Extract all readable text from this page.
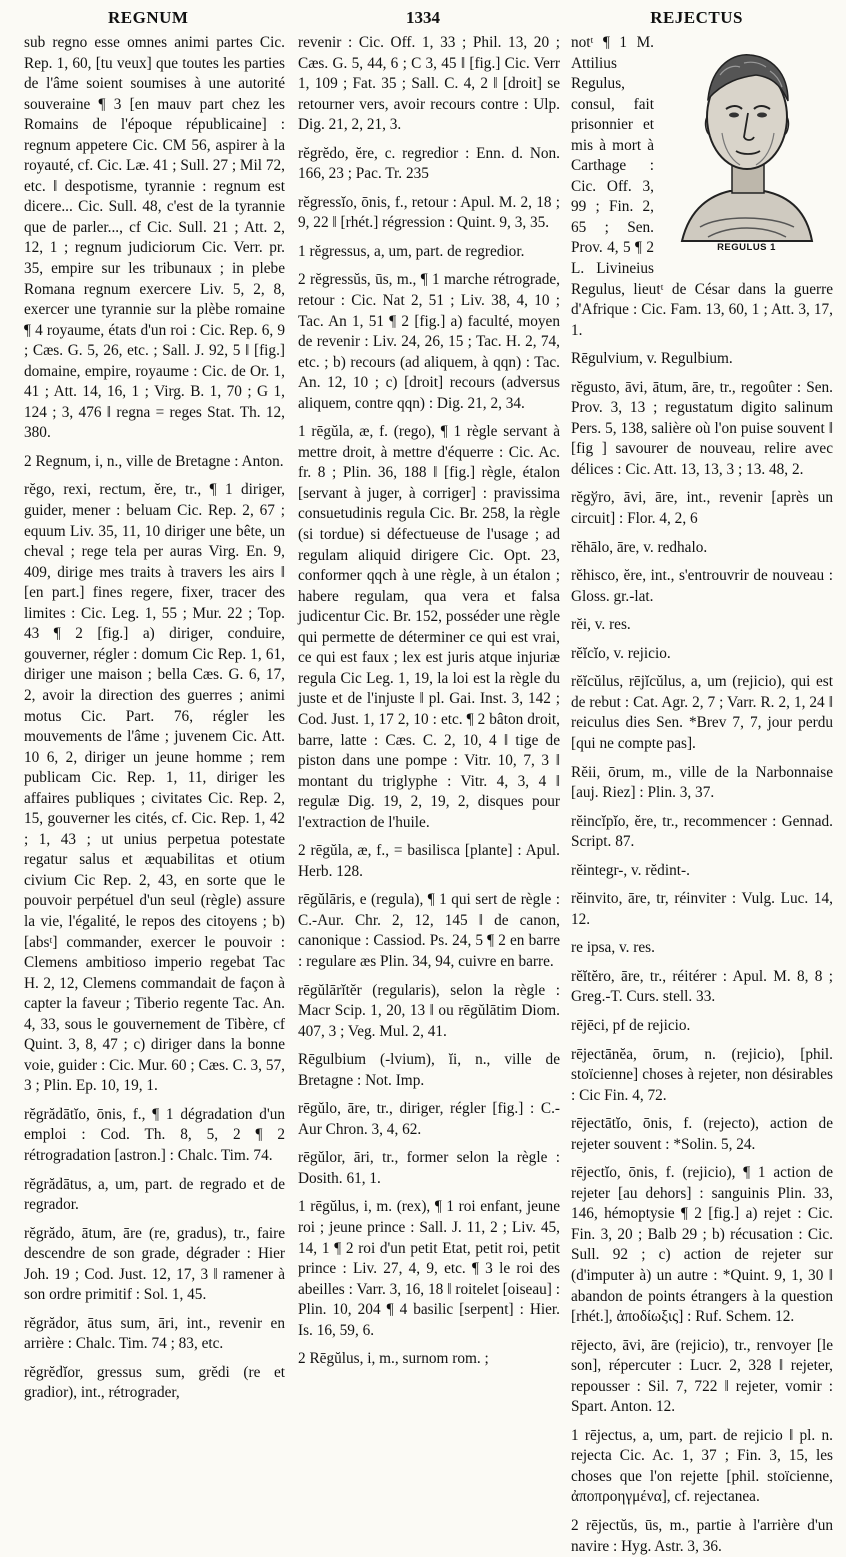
REGNUM	1334	REJECTUS

sub regno esse omnes animi partes Cic. Rep. 1, 60, [tu veux] que toutes les parties de l'âme soient soumises à une autorité souveraine ¶ 3 [en mauv part chez les Romains de l'époque républicaine] : regnum appetere Cic. CM 56, aspirer à la royauté, cf. Cic. Læ. 41 ; Sull. 27 ; Mil 72, etc. ‖ despotisme, tyrannie : regnum est dicere... Cic. Sull. 48, c'est de la tyrannie que de parler..., cf Cic. Sull. 21 ; Att. 2, 12, 1 ; regnum judiciorum Cic. Verr. pr. 35, empire sur les tribunaux ; in plebe Romana regnum exercere Liv. 5, 2, 8, exercer une tyrannie sur la plèbe romaine ¶ 4 royaume, états d'un roi : Cic. Rep. 6, 9 ; Cæs. G. 5, 26, etc. ; Sall. J. 92, 5 ‖ [fig.] domaine, empire, royaume : Cic. de Or. 1, 41 ; Att. 14, 16, 1 ; Virg. B. 1, 70 ; G 1, 124 ; 3, 476 ‖ regna = reges Stat. Th. 12, 380.

2 Regnum, i, n., ville de Bretagne : Anton.

rĕgo, rexi, rectum, ĕre, tr., ¶ 1 diriger, guider, mener : beluam Cic. Rep. 2, 67 ; equum Liv. 35, 11, 10 diriger une bête, un cheval ; rege tela per auras Virg. En. 9, 409, dirige mes traits à travers les airs ‖ [en part.] fines regere, fixer, tracer des limites : Cic. Leg. 1, 55 ; Mur. 22 ; Top. 43 ¶ 2 [fig.] a) diriger, conduire, gouverner, régler : domum Cic Rep. 1, 61, diriger une maison ; bella Cæs. G. 6, 17, 2, avoir la direction des guerres ; animi motus Cic. Part. 76, régler les mouvements de l'âme ; juvenem Cic. Att. 10 6, 2, diriger un jeune homme ; rem publicam Cic. Rep. 1, 11, diriger les affaires publiques ; civitates Cic. Rep. 2, 15, gouverner les cités, cf. Cic. Rep. 1, 42 ; 1, 43 ; ut unius perpetua potestate regatur salus et æquabilitas et otium civium Cic Rep. 2, 43, en sorte que le pouvoir perpétuel d'un seul (règle) assure la vie, l'égalité, le repos des citoyens ; b) [absᵗ] commander, exercer le pouvoir : Clemens ambitioso imperio regebat Tac H. 2, 12, Clemens commandait de façon à capter la faveur ; Tiberio regente Tac. An. 4, 33, sous le gouvernement de Tibère, cf Quint. 3, 8, 47 ; c) diriger dans la bonne voie, guider : Cic. Mur. 60 ; Cæs. C. 3, 57, 3 ; Plin. Ep. 10, 19, 1.

rĕgrădātĭo, ōnis, f., ¶ 1 dégradation d'un emploi : Cod. Th. 8, 5, 2 ¶ 2 rétrogradation [astron.] : Chalc. Tim. 74.

rĕgrădātus, a, um, part. de regrado et de regrador.

rĕgrădo, ātum, āre (re, gradus), tr., faire descendre de son grade, dégrader : Hier Joh. 19 ; Cod. Just. 12, 17, 3 ‖ ramener à son ordre primitif : Sol. 1, 45.

rĕgrădor, ātus sum, āri, int., revenir en arrière : Chalc. Tim. 74 ; 83, etc.

rĕgrĕdĭor, gressus sum, grĕdi (re et gradior), int., rétrograder,

revenir : Cic. Off. 1, 33 ; Phil. 13, 20 ; Cæs. G. 5, 44, 6 ; C 3, 45 ‖ [fig.] Cic. Verr 1, 109 ; Fat. 35 ; Sall. C. 4, 2 ‖ [droit] se retourner vers, avoir recours contre : Ulp. Dig. 21, 2, 21, 3.

rĕgrĕdo, ĕre, c. regredior : Enn. d. Non. 166, 23 ; Pac. Tr. 235

rĕgressĭo, ōnis, f., retour : Apul. M. 2, 18 ; 9, 22 ‖ [rhét.] régression : Quint. 9, 3, 35.

1 rĕgressus, a, um, part. de regredior.

2 rĕgressŭs, ūs, m., ¶ 1 marche rétrograde, retour : Cic. Nat 2, 51 ; Liv. 38, 4, 10 ; Tac. An 1, 51 ¶ 2 [fig.] a) faculté, moyen de revenir : Liv. 24, 26, 15 ; Tac. H. 2, 74, etc. ; b) recours (ad aliquem, à qqn) : Tac. An. 12, 10 ; c) [droit] recours (adversus aliquem, contre qqn) : Dig. 21, 2, 34.

1 rēgŭla, æ, f. (rego), ¶ 1 règle servant à mettre droit, à mettre d'équerre : Cic. Ac. fr. 8 ; Plin. 36, 188 ‖ [fig.] règle, étalon [servant à juger, à corriger] : pravissima consuetudinis regula Cic. Br. 258, la règle (si tordue) si défectueuse de l'usage ; ad regulam aliquid dirigere Cic. Opt. 23, conformer qqch à une règle, à un étalon ; habere regulam, qua vera et falsa judicentur Cic. Br. 152, posséder une règle qui permette de déterminer ce qui est vrai, ce qui est faux ; lex est juris atque injuriæ regula Cic Leg. 1, 19, la loi est la règle du juste et de l'injuste ‖ pl. Gai. Inst. 3, 142 ; Cod. Just. 1, 17 2, 10 : etc. ¶ 2 bâton droit, barre, latte : Cæs. C. 2, 10, 4 ‖ tige de piston dans une pompe : Vitr. 10, 7, 3 ‖ montant du triglyphe : Vitr. 4, 3, 4 ‖ regulæ Dig. 19, 2, 19, 2, disques pour l'extraction de l'huile.

2 rēgŭla, æ, f., = basilisca [plante] : Apul. Herb. 128.

rēgŭlāris, e (regula), ¶ 1 qui sert de règle : C.-Aur. Chr. 2, 12, 145 ‖ de canon, canonique : Cassiod. Ps. 24, 5 ¶ 2 en barre : regulare æs Plin. 34, 94, cuivre en barre.

rēgŭlārĭtĕr (regularis), selon la règle : Macr Scip. 1, 20, 13 ‖ ou rēgŭlātim Diom. 407, 3 ; Veg. Mul. 2, 41.

Rēgulbium (-lvium), ĭi, n., ville de Bretagne : Not. Imp.

rēgŭlo, āre, tr., diriger, régler [fig.] : C.-Aur Chron. 3, 4, 62.

rēgŭlor, āri, tr., former selon la règle : Dosith. 61, 1.

1 rēgŭlus, i, m. (rex), ¶ 1 roi enfant, jeune roi ; jeune prince : Sall. J. 11, 2 ; Liv. 45, 14, 1 ¶ 2 roi d'un petit Etat, petit roi, petit prince : Liv. 27, 4, 9, etc. ¶ 3 le roi des abeilles : Varr. 3, 16, 18 ‖ roitelet [oiseau] : Plin. 10, 204 ¶ 4 basilic [serpent] : Hier. Is. 16, 59, 6.

2 Rēgŭlus, i, m., surnom rom. ;

REGULUS 1

notᵗ ¶ 1 M. Attilius Regulus, consul, fait prisonnier et mis à mort à Carthage : Cic. Off. 3, 99 ; Fin. 2, 65 ; Sen. Prov. 4, 5 ¶ 2 L. Livineius Regulus, lieutᵗ de César dans la guerre d'Afrique : Cic. Fam. 13, 60, 1 ; Att. 3, 17, 1.

Rēgulvium, v. Regulbium.

rĕgusto, āvi, ātum, āre, tr., regoûter : Sen. Prov. 3, 13 ; regustatum digito salinum Pers. 5, 138, salière où l'on puise souvent ‖ [fig ] savourer de nouveau, relire avec délices : Cic. Att. 13, 13, 3 ; 13. 48, 2.

rĕgўro, āvi, āre, int., revenir [après un circuit] : Flor. 4, 2, 6

rĕhālo, āre, v. redhalo.

rĕhisco, ĕre, int., s'entrouvrir de nouveau : Gloss. gr.-lat.

rĕi, v. res.

rĕĭcĭo, v. rejicio.

rĕĭcŭlus, rējĭcŭlus, a, um (rejicio), qui est de rebut : Cat. Agr. 2, 7 ; Varr. R. 2, 1, 24 ‖ reiculus dies Sen. *Brev 7, 7, jour perdu [qui ne compte pas].

Rĕii, ōrum, m., ville de la Narbonnaise [auj. Riez] : Plin. 3, 37.

rĕincĭpĭo, ĕre, tr., recommencer : Gennad. Script. 87.

rĕintegr-, v. rĕdint-.

rĕinvito, āre, tr, réinviter : Vulg. Luc. 14, 12.

re ipsa, v. res.

rĕĭtĕro, āre, tr., réitérer : Apul. M. 8, 8 ; Greg.-T. Curs. stell. 33.

rējēci, pf de rejicio.

rējectānĕa, ōrum, n. (rejicio), [phil. stoïcienne] choses à rejeter, non désirables : Cic Fin. 4, 72.

rējectātĭo, ōnis, f. (rejecto), action de rejeter souvent : *Solin. 5, 24.

rējectĭo, ōnis, f. (rejicio), ¶ 1 action de rejeter [au dehors] : sanguinis Plin. 33, 146, hémoptysie ¶ 2 [fig.] a) rejet : Cic. Fin. 3, 20 ; Balb 29 ; b) récusation : Cic. Sull. 92 ; c) action de rejeter sur (d'imputer à) un autre : *Quint. 9, 1, 30 ‖ abandon de points étrangers à la question [rhét.], ἀποδίωξις] : Ruf. Schem. 12.

rējecto, āvi, āre (rejicio), tr., renvoyer [le son], répercuter : Lucr. 2, 328 ‖ rejeter, repousser : Sil. 7, 722 ‖ rejeter, vomir : Spart. Anton. 12.

1 rējectus, a, um, part. de rejicio ‖ pl. n. rejecta Cic. Ac. 1, 37 ; Fin. 3, 15, les choses que l'on rejette [phil. stoïcienne, ἀποπροηγμένα], cf. rejectanea.

2 rējectŭs, ūs, m., partie à l'arrière d'un navire : Hyg. Astr. 3, 36.
